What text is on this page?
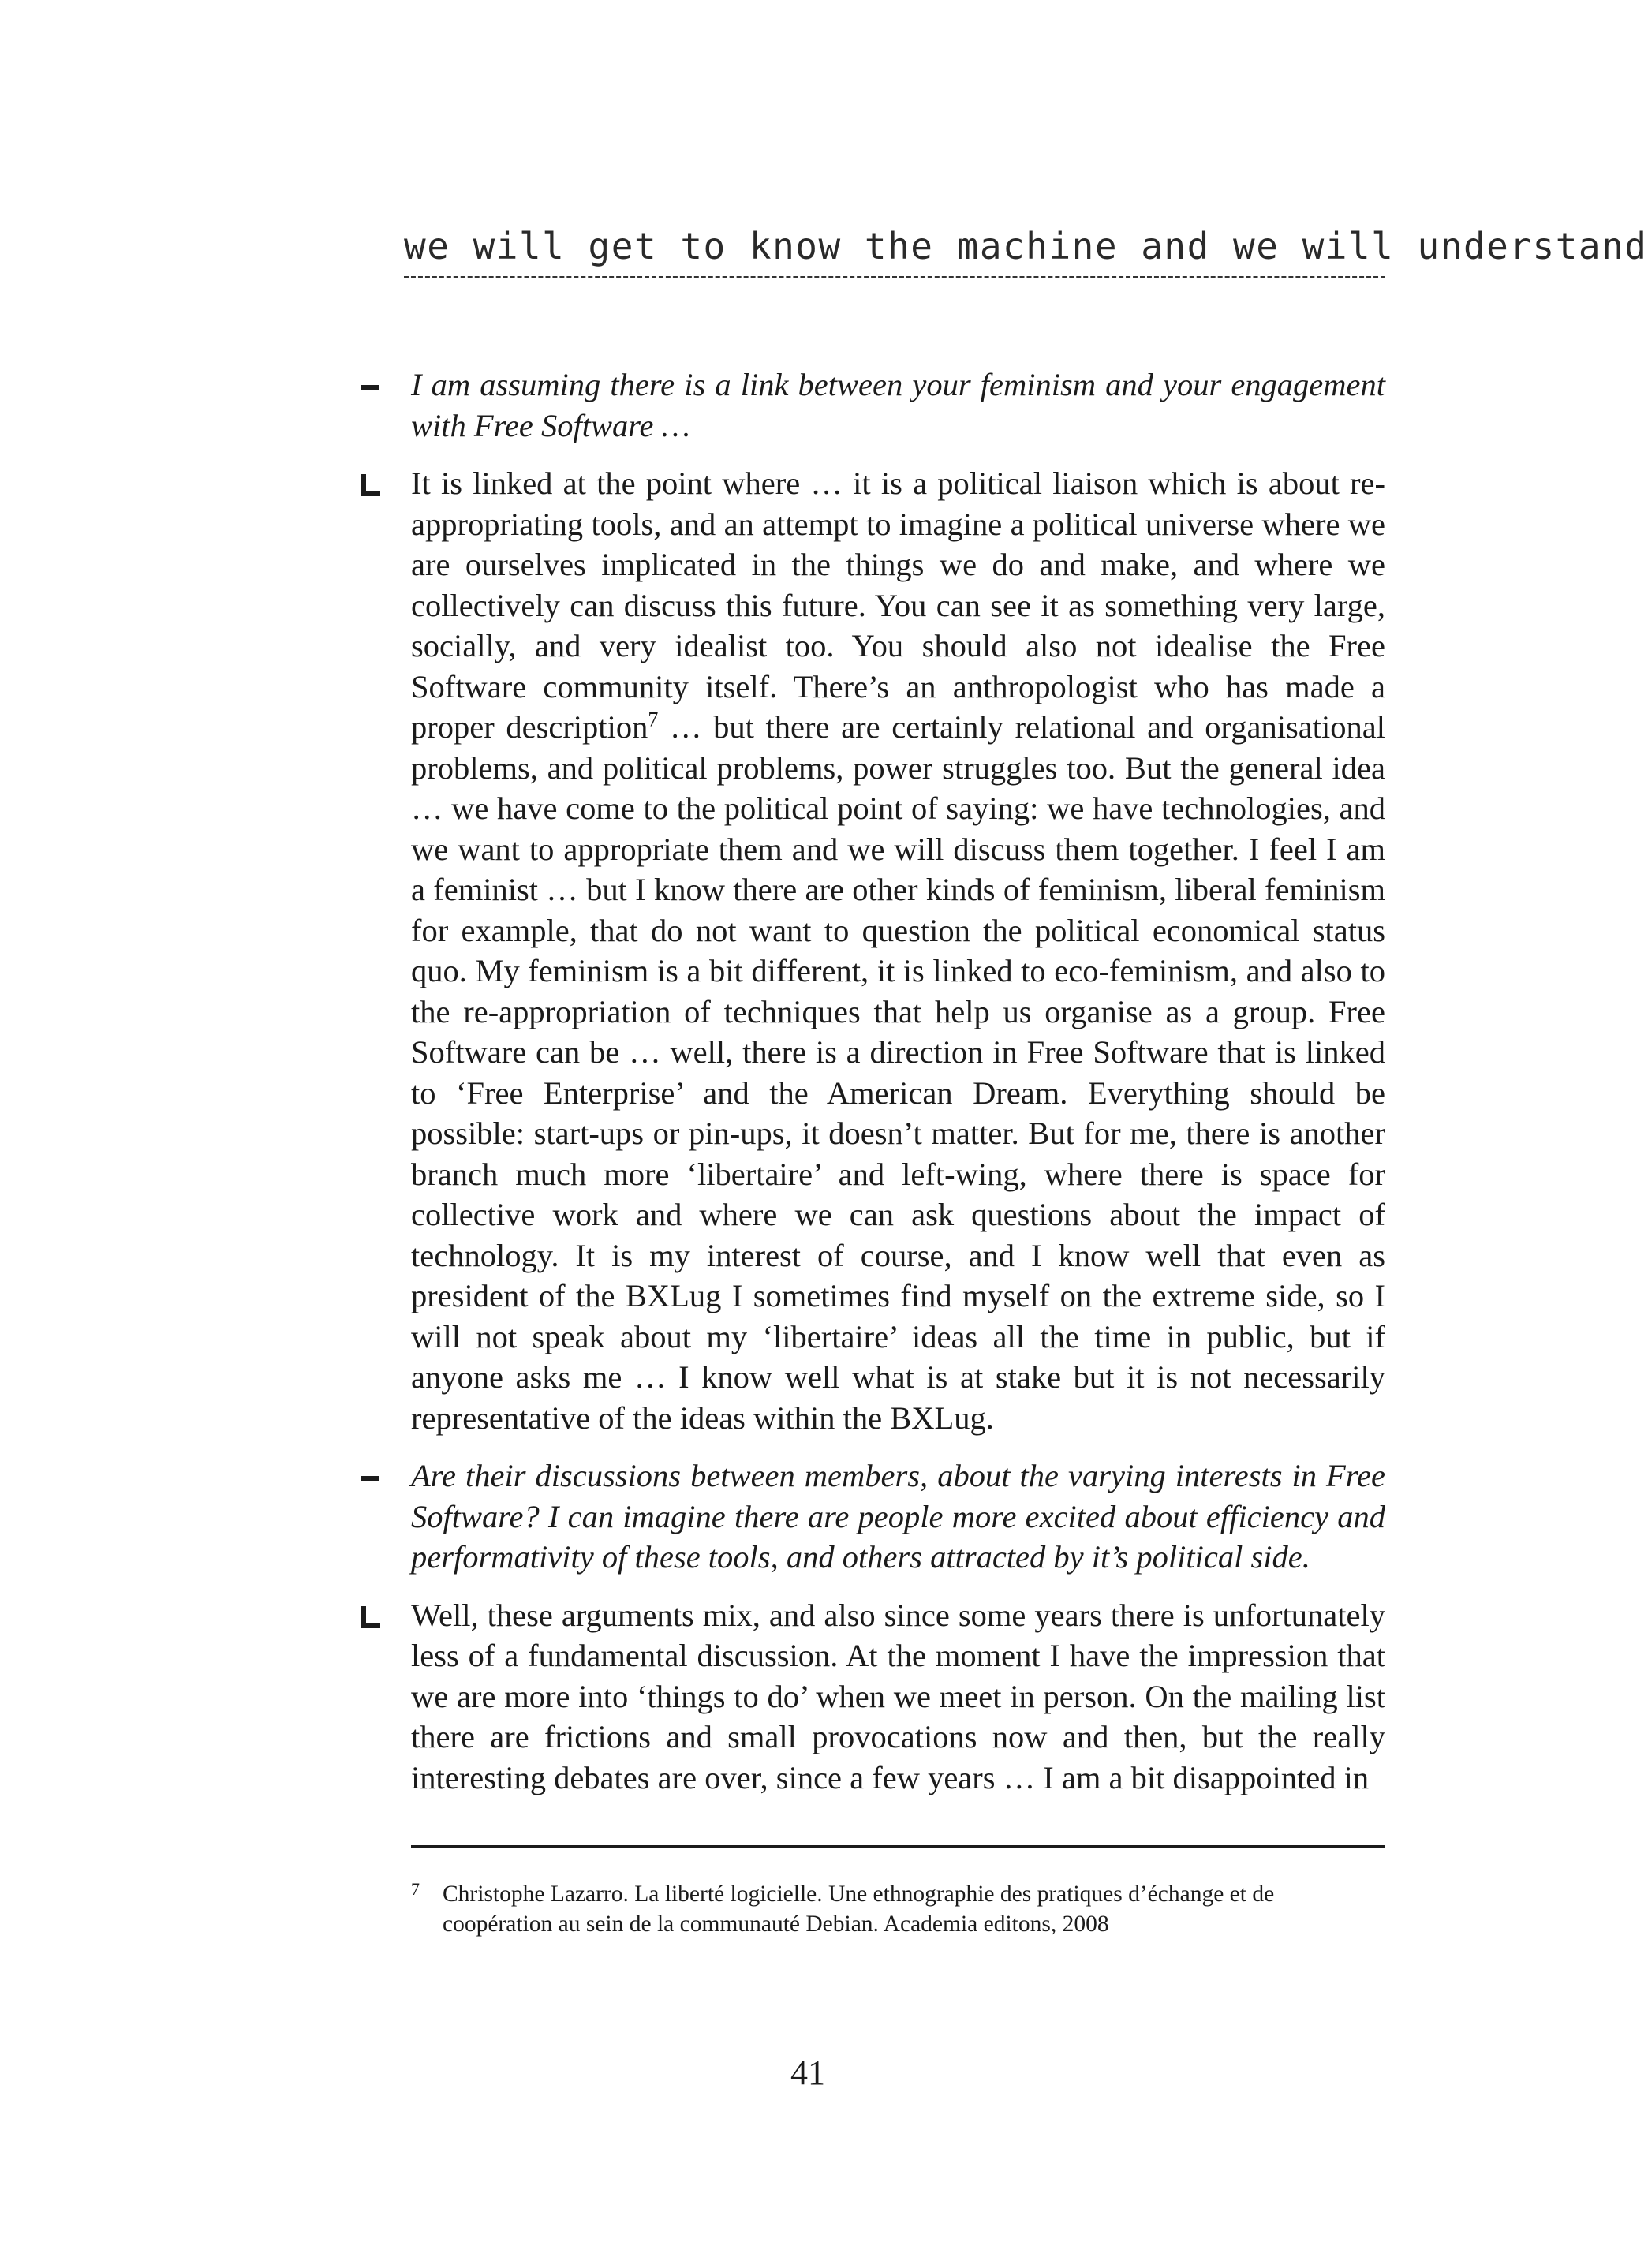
we will get to know the machine and we will understand

I am assuming there is a link between your feminism and your engagement with Free Software …

It is linked at the point where … it is a political liaison which is about re-appropriating tools, and an attempt to imagine a political universe where we are ourselves implicated in the things we do and make, and where we collectively can discuss this future. You can see it as something very large, socially, and very idealist too. You should also not idealise the Free Software community itself. There’s an anthropologist who has made a proper description$^7$ … but there are certainly relational and organisational problems, and political problems, power struggles too. But the general idea … we have come to the political point of saying: we have technologies, and we want to appropriate them and we will discuss them together. I feel I am a feminist … but I know there are other kinds of feminism, liberal feminism for example, that do not want to question the political economical status quo. My feminism is a bit different, it is linked to eco-feminism, and also to the re-appropriation of techniques that help us organise as a group. Free Software can be … well, there is a direction in Free Software that is linked to ‘Free Enterprise’ and the American Dream. Everything should be possible: start-ups or pin-ups, it doesn’t matter. But for me, there is another branch much more ‘libertaire’ and left-wing, where there is space for collective work and where we can ask questions about the impact of technology. It is my interest of course, and I know well that even as president of the BXLug I sometimes find myself on the extreme side, so I will not speak about my ‘libertaire’ ideas all the time in public, but if anyone asks me … I know well what is at stake but it is not necessarily representative of the ideas within the BXLug.

Are their discussions between members, about the varying interests in Free Software? I can imagine there are people more excited about efficiency and performativity of these tools, and others attracted by it’s political side.

Well, these arguments mix, and also since some years there is unfortunately less of a fundamental discussion. At the moment I have the impression that we are more into ‘things to do’ when we meet in person. On the mailing list there are frictions and small provocations now and then, but the really interesting debates are over, since a few years … I am a bit disappointed in

7 Christophe Lazarro. La liberté logicielle. Une ethnographie des pratiques d’échange et de coopération au sein de la communauté Debian. Academia editons, 2008
41
